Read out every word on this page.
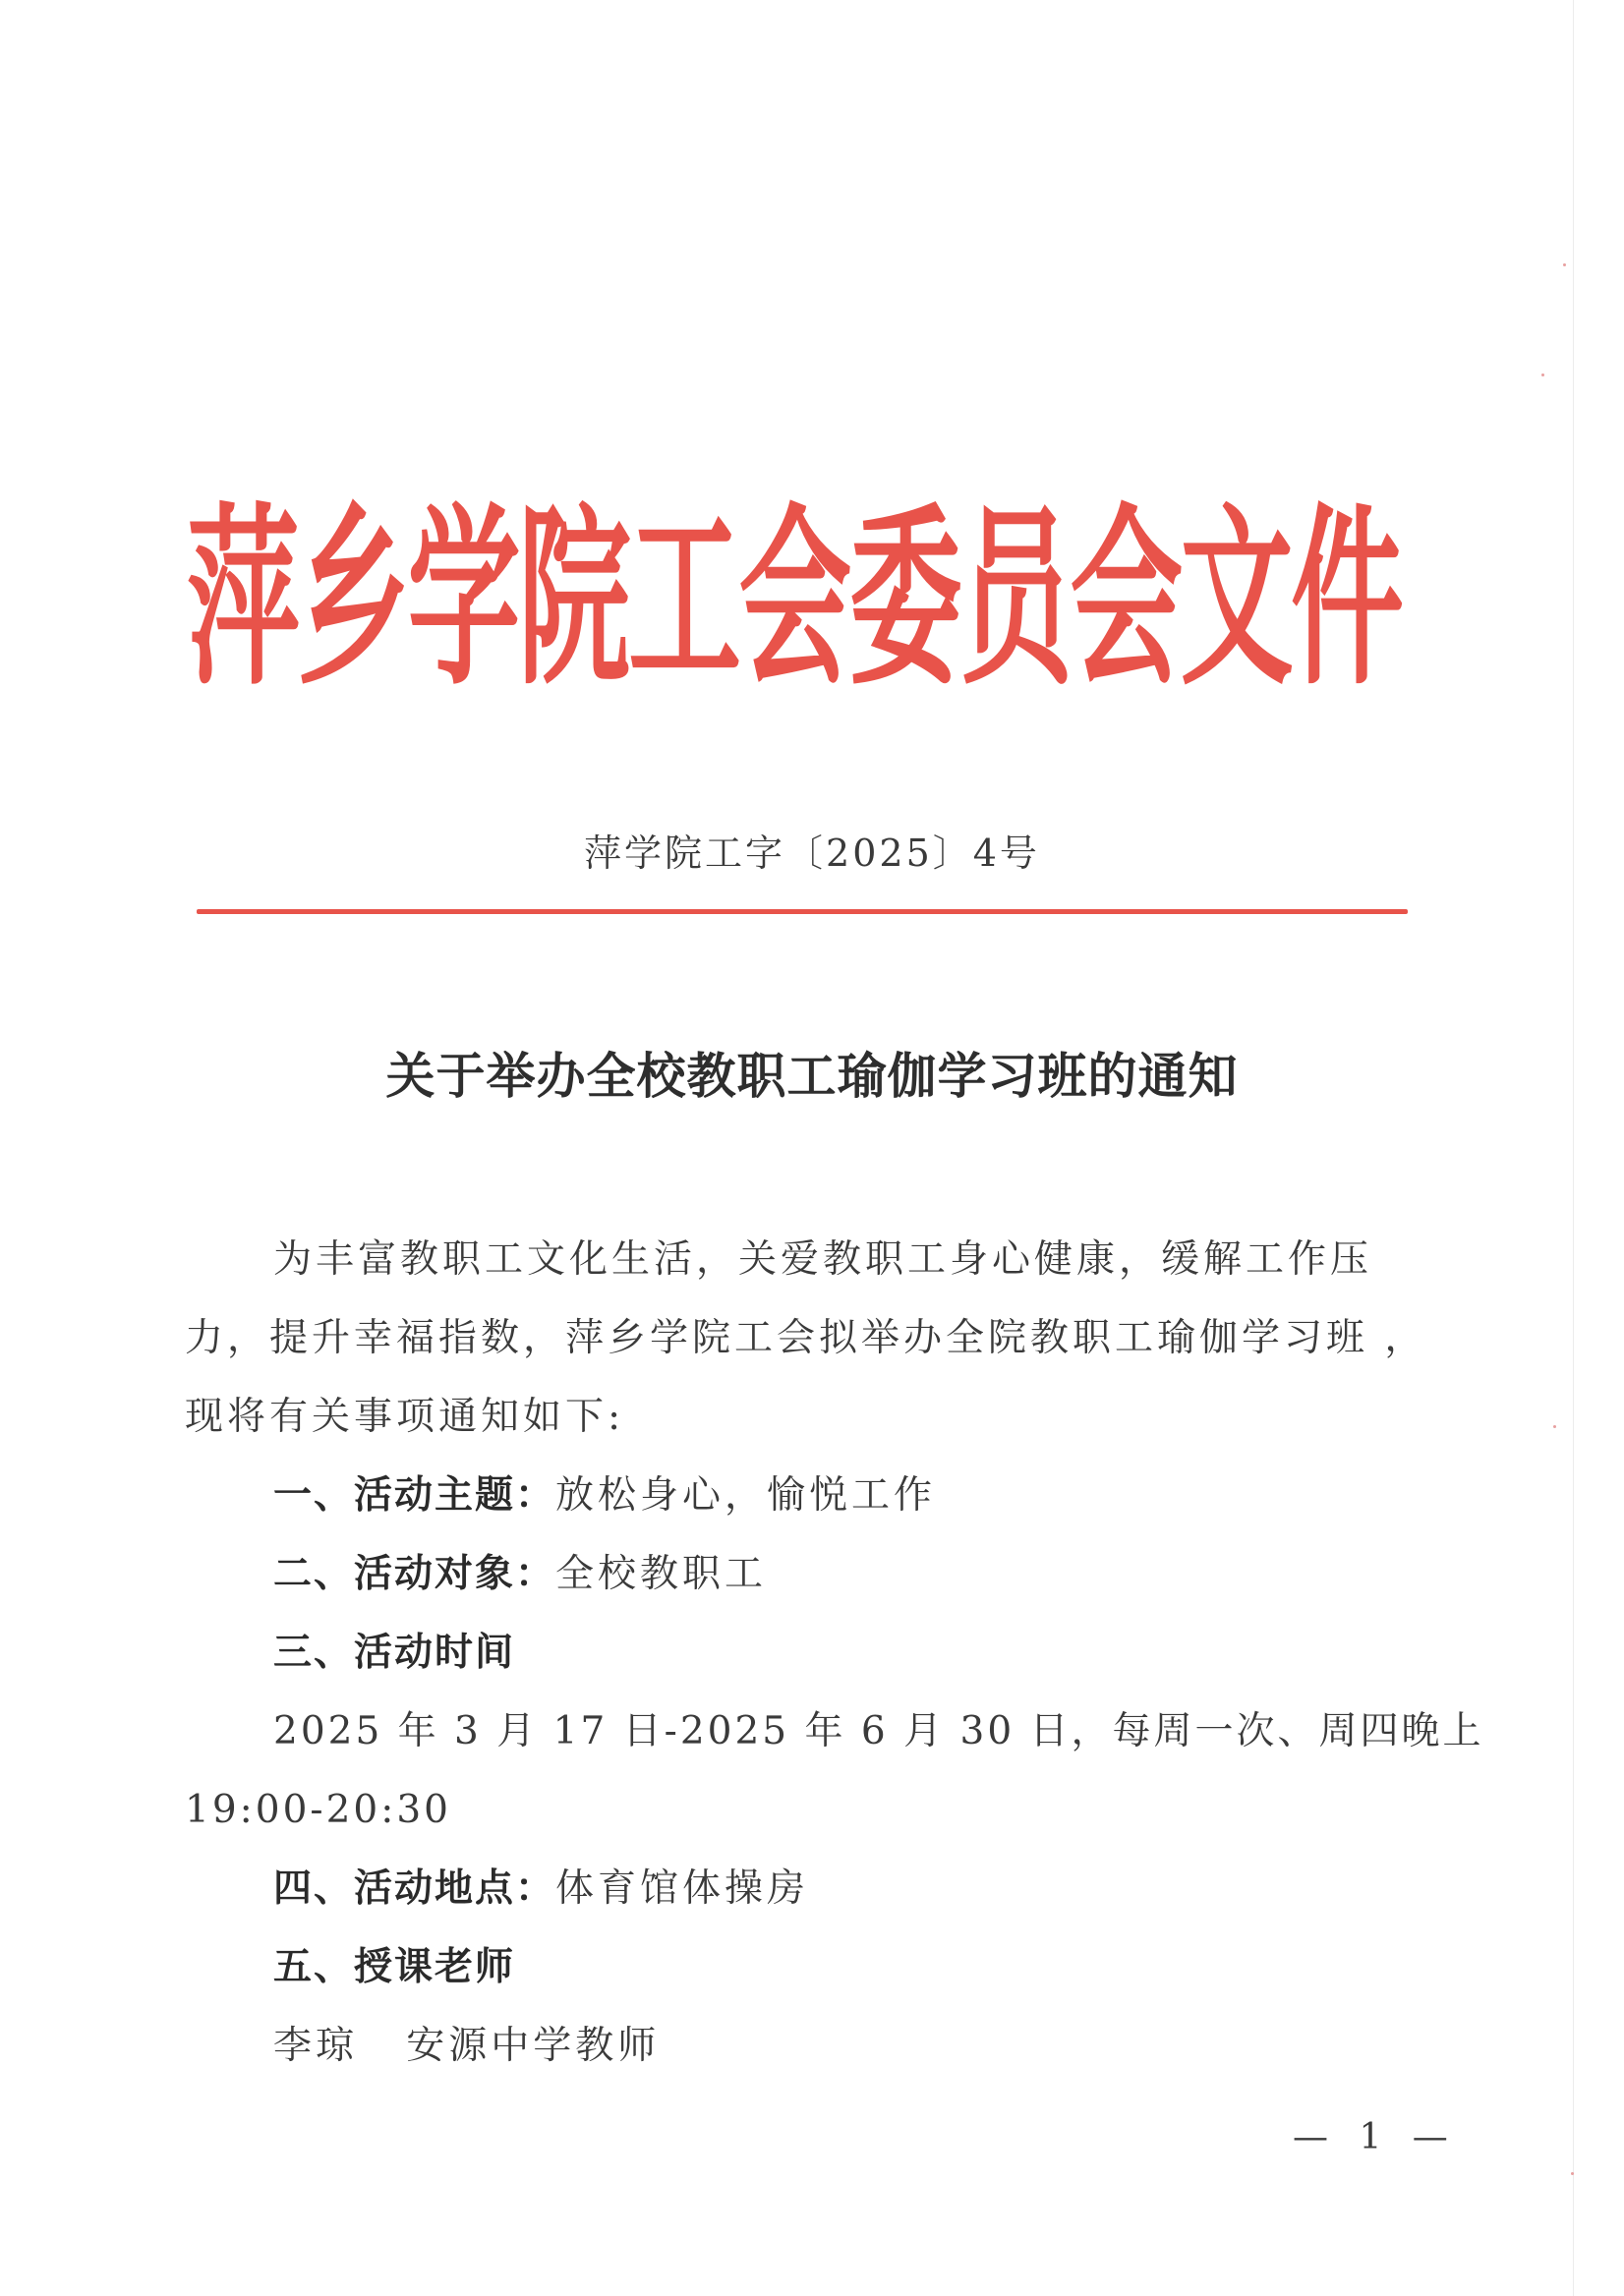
萍乡学院工会委员会文件
萍学院工字〔2025〕4号
关于举办全校教职工瑜伽学习班的通知
为丰富教职工文化生活，关爱教职工身心健康，缓解工作压
力，提升幸福指数，萍乡学院工会拟举办全院教职工瑜伽学习班 ，
现将有关事项通知如下:
一、活动主题：放松身心，愉悦工作
二、活动对象：全校教职工
三、活动时间
2025 年 3 月 17 日-2025 年 6 月 30 日，每周一次、周四晚上
19:00-20:30
四、活动地点：体育馆体操房
五、授课老师
李琼   安源中学教师
— 1 —
